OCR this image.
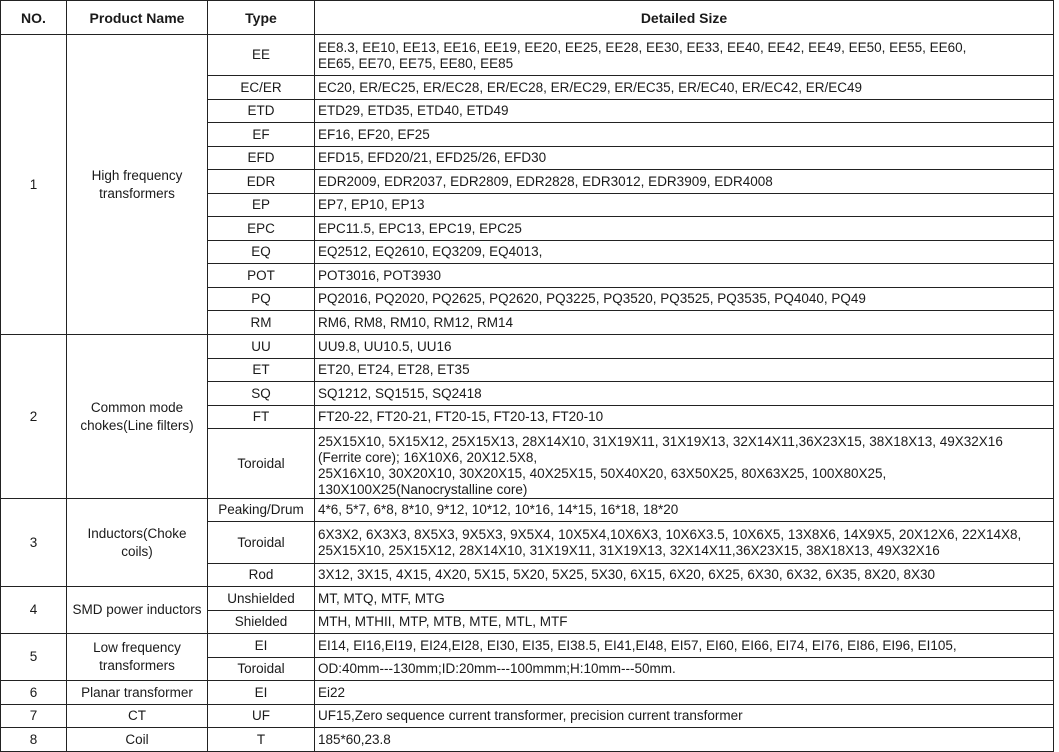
NO.	Product Name	Type	Detailed Size
1	High frequency transformers	EE	EE8.3, EE10, EE13, EE16, EE19, EE20, EE25, EE28, EE30, EE33, EE40, EE42, EE49, EE50, EE55, EE60,
EE65, EE70, EE75, EE80, EE85

		EC/ER	EC20, ER/EC25, ER/EC28, ER/EC28, ER/EC29, ER/EC35, ER/EC40, ER/EC42, ER/EC49
		ETD	ETD29, ETD35, ETD40, ETD49
		EF	EF16, EF20, EF25
		EFD	EFD15, EFD20/21, EFD25/26, EFD30
		EDR	EDR2009, EDR2037, EDR2809, EDR2828, EDR3012, EDR3909, EDR4008
		EP	EP7, EP10, EP13
		EPC	EPC11.5, EPC13, EPC19, EPC25
		EQ	EQ2512, EQ2610, EQ3209, EQ4013,
		POT	POT3016, POT3930
		PQ	PQ2016, PQ2020, PQ2625, PQ2620, PQ3225, PQ3520, PQ3525, PQ3535, PQ4040, PQ49
		RM	RM6, RM8, RM10, RM12, RM14
2	Common mode chokes(Line filters)	UU	UU9.8, UU10.5, UU16
		ET	ET20, ET24, ET28, ET35
		SQ	SQ1212, SQ1515, SQ2418
		FT	FT20-22, FT20-21, FT20-15, FT20-13, FT20-10
		Toroidal	25X15X10, 5X15X12, 25X15X13, 28X14X10, 31X19X11, 31X19X13, 32X14X11,36X23X15, 38X18X13, 49X32X16 (Ferrite core); 16X10X6, 20X12.5X8,
25X16X10, 30X20X10, 30X20X15, 40X25X15, 50X40X20, 63X50X25, 80X63X25, 100X80X25,
130X100X25(Nanocrystalline core)

3	Inductors(Choke coils)	Peaking/Drum	4*6, 5*7, 6*8, 8*10, 9*12, 10*12, 10*16, 14*15, 16*18, 18*20
		Toroidal	6X3X2, 6X3X3, 8X5X3, 9X5X3, 9X5X4, 10X5X4,10X6X3, 10X6X3.5, 10X6X5, 13X8X6, 14X9X5, 20X12X6, 22X14X8,
25X15X10, 25X15X12, 28X14X10, 31X19X11, 31X19X13, 32X14X11,36X23X15, 38X18X13, 49X32X16

		Rod	3X12, 3X15, 4X15, 4X20, 5X15, 5X20, 5X25, 5X30, 6X15, 6X20, 6X25, 6X30, 6X32, 6X35, 8X20, 8X30
4	SMD power inductors	Unshielded	MT, MTQ, MTF, MTG
		Shielded	MTH, MTHII, MTP, MTB, MTE, MTL, MTF
5	Low frequency transformers	EI	EI14, EI16,EI19, EI24,EI28, EI30, EI35, EI38.5, EI41,EI48, EI57, EI60, EI66, EI74, EI76, EI86, EI96, EI105,
		Toroidal	OD:40mm---130mm;ID:20mm---100mmm;H:10mm---50mm.
6	Planar transformer	EI	Ei22
7	CT	UF	UF15,Zero sequence current transformer, precision current transformer
8	Coil	T	185*60,23.8
